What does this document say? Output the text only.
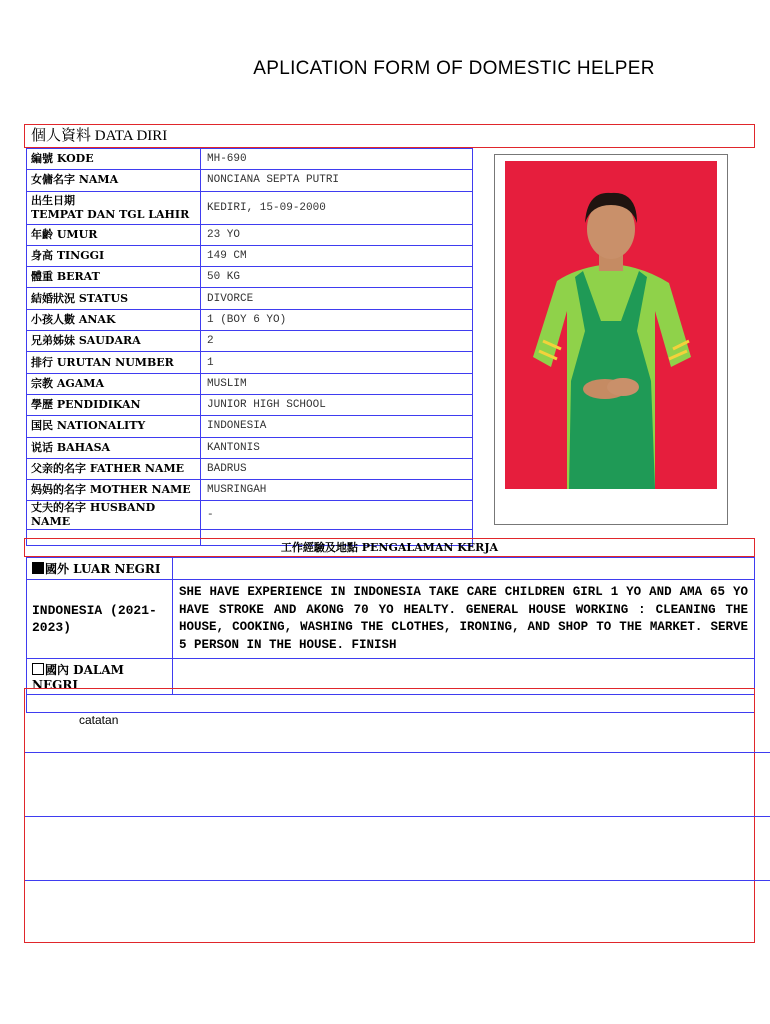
APLICATION FORM OF DOMESTIC HELPER
個人資料 DATA DIRI
編號 KODE	MH-690
女傭名字 NAMA	NONCIANA SEPTA PUTRI
出生日期
TEMPAT DAN TGL LAHIR	KEDIRI, 15-09-2000
年齡 UMUR	23 YO
身高 TINGGI	149 CM
體重 BERAT	50 KG
結婚狀況 STATUS	DIVORCE
小孩人數 ANAK	1 (BOY 6 YO)
兄弟姊妹 SAUDARA	2
排行 URUTAN NUMBER	1
宗教 AGAMA	MUSLIM
學歷 PENDIDIKAN	JUNIOR HIGH SCHOOL
国民 NATIONALITY	INDONESIA
说话 BAHASA	KANTONIS
父亲的名字 FATHER NAME	BADRUS
妈妈的名字 MOTHER NAME	MUSRINGAH
丈夫的名字 HUSBAND NAME	-

工作經驗及地點 PENGALAMAN KERJA
國外 LUAR NEGRI	
INDONESIA (2021-2023)	SHE HAVE EXPERIENCE IN INDONESIA TAKE CARE CHILDREN GIRL 1 YO AND AMA 65 YO HAVE STROKE AND AKONG 70 YO HEALTY. GENERAL HOUSE WORKING : CLEANING THE HOUSE, COOKING, WASHING THE CLOTHES, IRONING, AND SHOP TO THE MARKET. SERVE 5 PERSON IN THE HOUSE. FINISH
國內 DALAM NEGRI	

catatan
